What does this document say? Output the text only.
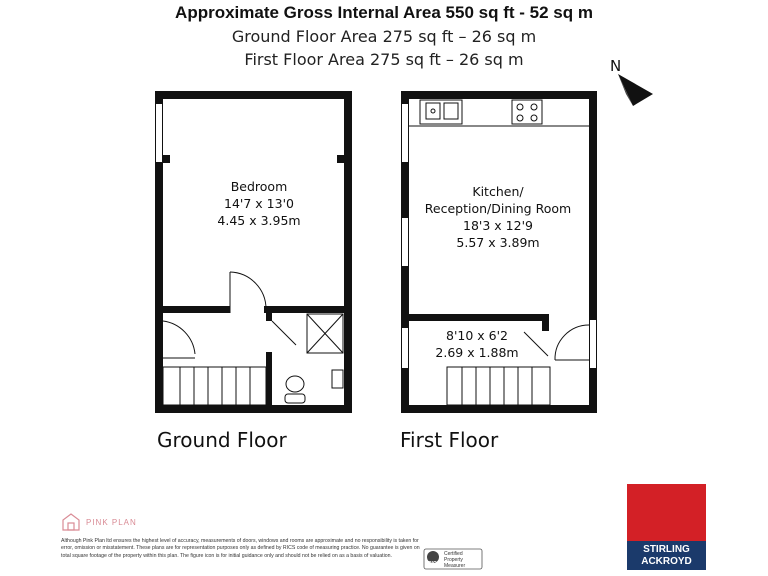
Approximate Gross Internal Area 550 sq ft - 52 sq m
Ground Floor Area 275 sq ft – 26 sq m
First Floor Area 275 sq ft – 26 sq m	N
Bedroom
14'7 x 13'0
4.45 x 3.95m
Kitchen/
Reception/Dining Room
18'3 x 12'9
5.57 x 3.89m
8'10 x 6'2
2.69 x 1.88m
Ground Floor	First Floor
PINK PLAN
Although Pink Plan ltd ensures the highest level of accuracy, measurements of doors, windows and rooms are approximate and no responsibility is taken for error, omission or misstatement. These plans are for representation purposes only as defined by RICS code of measuring practice. No guarantee is given on total square footage of the property within this plan. The figure icon is for initial guidance only and should not be relied on as a basis of valuation.
RICS
Certified Property Measurer
STIRLING
ACKROYD
